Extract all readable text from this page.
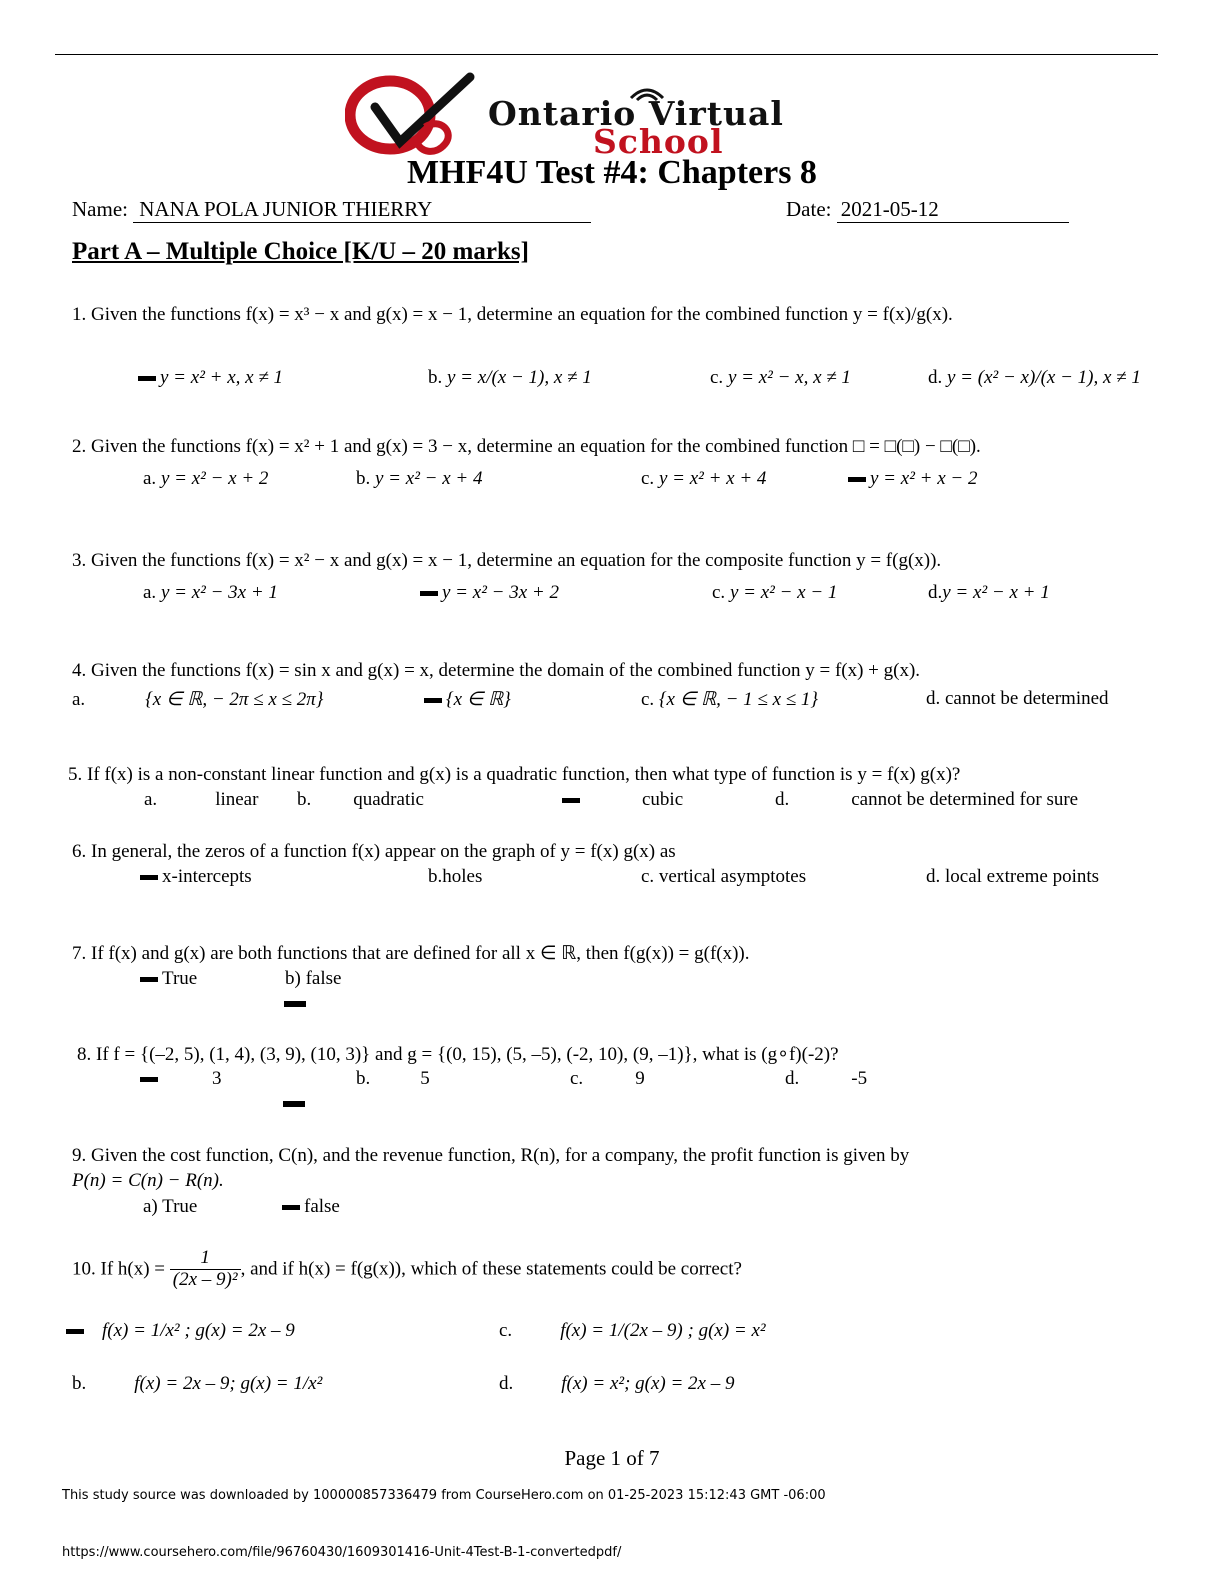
Ontario Virtual
School
MHF4U Test #4: Chapters 8
Name: NANA POLA JUNIOR THIERRY	Date: 2021-05-12
Part A – Multiple Choice [K/U – 20 marks]
1. Given the functions f(x) = x³ − x and g(x) = x − 1, determine an equation for the combined function y = f(x)/g(x).
y = x² + x, x ≠ 1	b. y = x/(x − 1), x ≠ 1	c. y = x² − x, x ≠ 1	d. y = (x² − x)/(x − 1), x ≠ 1
2. Given the functions f(x) = x² + 1 and g(x) = 3 − x, determine an equation for the combined function □ = □(□) − □(□).
a. y = x² − x + 2	b. y = x² − x + 4	c. y = x² + x + 4	y = x² + x − 2
3. Given the functions f(x) = x² − x and g(x) = x − 1, determine an equation for the composite function y = f(g(x)).
a. y = x² − 3x + 1	y = x² − 3x + 2	c. y = x² − x − 1	d.y = x² − x + 1
4. Given the functions f(x) = sin x and g(x) = x, determine the domain of the combined function y = f(x) + g(x).
a.	{x ∈ ℝ, − 2π ≤ x ≤ 2π}	{x ∈ ℝ}	c. {x ∈ ℝ, − 1 ≤ x ≤ 1}	d. cannot be determined
5. If f(x) is a non-constant linear function and g(x) is a quadratic function, then what type of function is y = f(x) g(x)?
a.	linear b. quadratic	cubic	d.	cannot be determined for sure
6. In general, the zeros of a function f(x) appear on the graph of y = f(x) g(x) as
x-intercepts	b.holes	c. vertical asymptotes	d. local extreme points
7. If f(x) and g(x) are both functions that are defined for all x ∈ ℝ, then f(g(x)) = g(f(x)).
True	b) false
8. If f = {(–2, 5), (1, 4), (3, 9), (10, 3)} and g = {(0, 15), (5, –5), (-2, 10), (9, –1)}, what is (g∘f)(-2)?
3	b.	5	c.	9	d.	-5
9. Given the cost function, C(n), and the revenue function, R(n), for a company, the profit function is given by
P(n) = C(n) − R(n).
a) True	false
10. If $h(x) = \frac{1}{\text{(2x – 9)²}}$ , and if h(x) = f(g(x)), which of these statements could be correct?
f(x) = 1/x² ; g(x) = 2x – 9
b.	f(x) = 2x – 9; g(x) = 1/x²
c.	f(x) = 1/(2x – 9) ; g(x) = x²
d.	f(x) = x²; g(x) = 2x – 9
Page 1 of 7
This study source was downloaded by 100000857336479 from CourseHero.com on 01-25-2023 15:12:43 GMT -06:00
https://www.coursehero.com/file/96760430/1609301416-Unit-4Test-B-1-convertedpdf/
